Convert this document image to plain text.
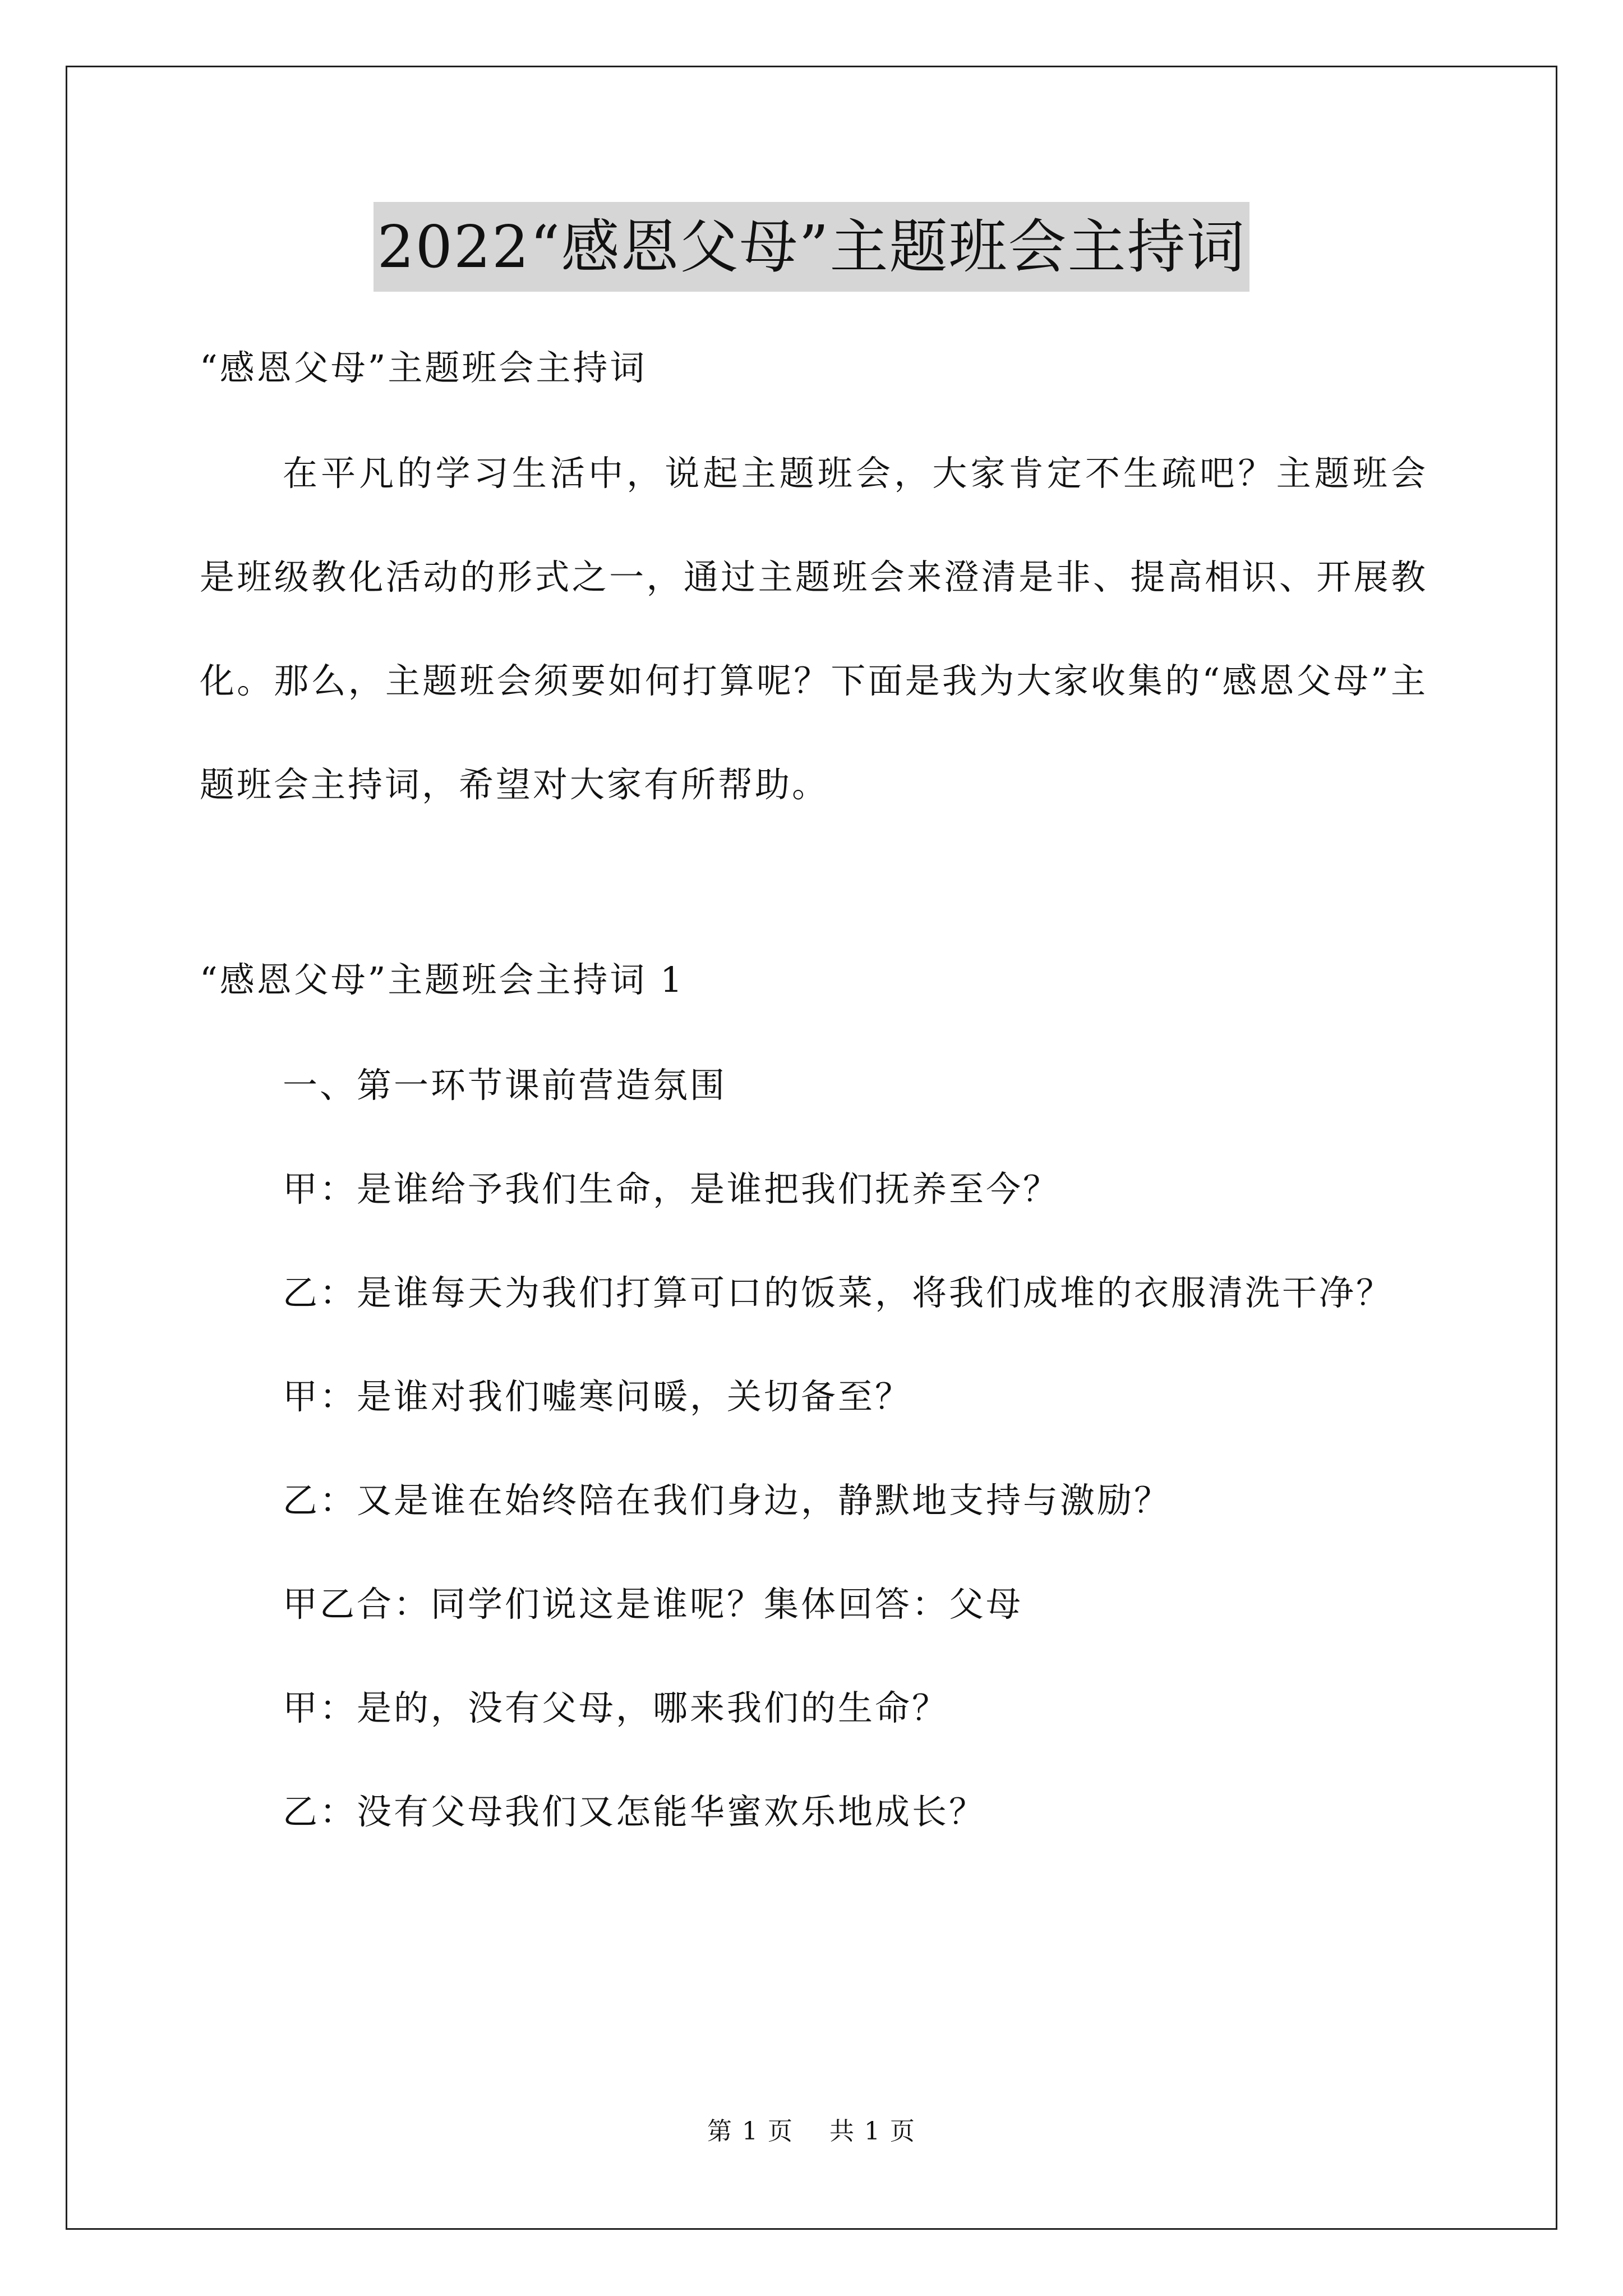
2022“感恩父母”主题班会主持词

“感恩父母”主题班会主持词

在平凡的学习生活中，说起主题班会，大家肯定不生疏吧？主题班会是班级教化活动的形式之一，通过主题班会来澄清是非、提高相识、开展教化。那么，主题班会须要如何打算呢？下面是我为大家收集的“感恩父母”主题班会主持词，希望对大家有所帮助。

“感恩父母”主题班会主持词 1

一、第一环节课前营造氛围

甲：是谁给予我们生命，是谁把我们抚养至今？

乙：是谁每天为我们打算可口的饭菜，将我们成堆的衣服清洗干净？

甲：是谁对我们嘘寒问暖，关切备至？

乙：又是谁在始终陪在我们身边，静默地支持与激励？

甲乙合：同学们说这是谁呢？集体回答：父母

甲：是的，没有父母，哪来我们的生命？

乙：没有父母我们又怎能华蜜欢乐地成长？

第 1 页 共 1 页
